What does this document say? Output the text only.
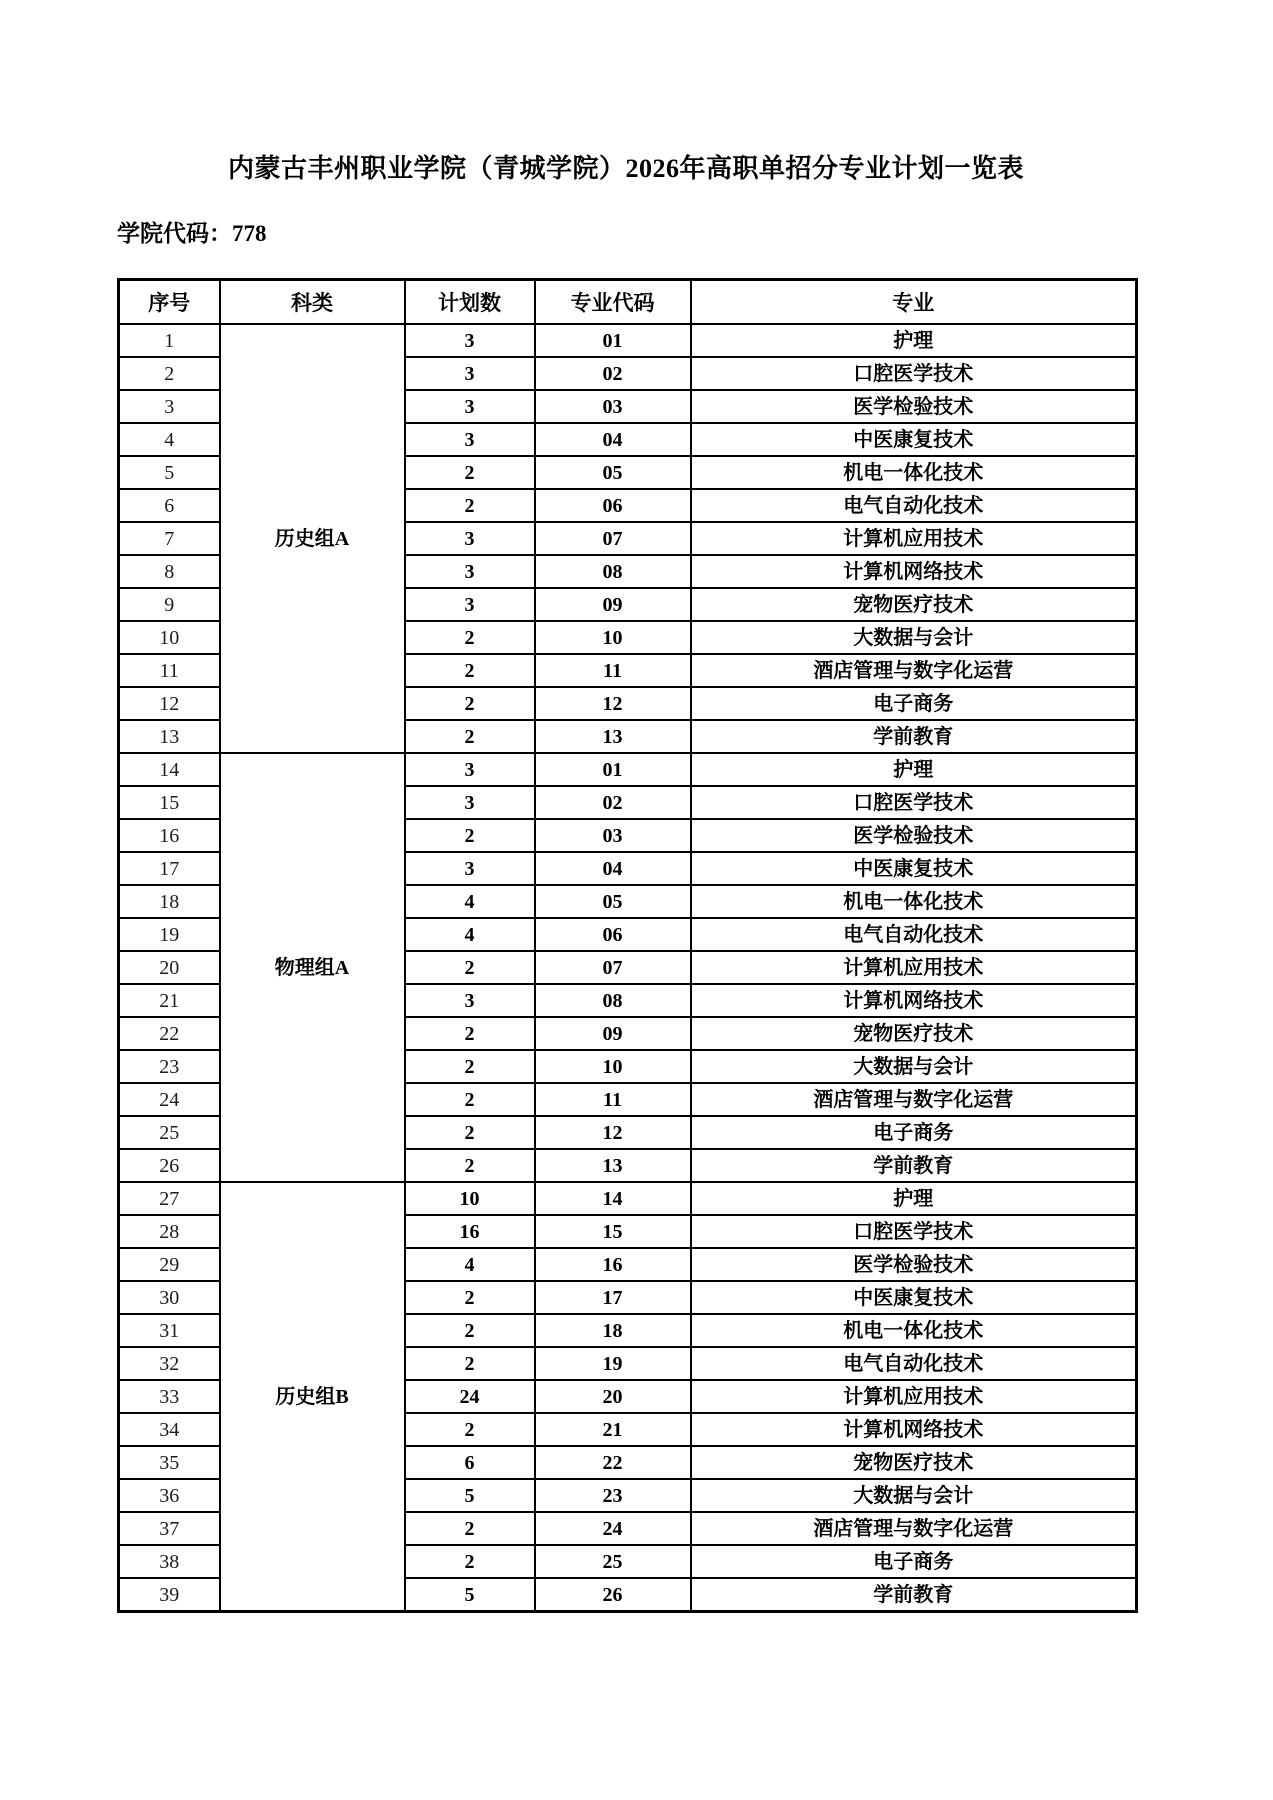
内蒙古丰州职业学院（青城学院）2026年高职单招分专业计划一览表
学院代码：778
序号	科类	计划数	专业代码	专业
1	历史组A	3	01	护理
2		3	02	口腔医学技术
3		3	03	医学检验技术
4		3	04	中医康复技术
5		2	05	机电一体化技术
6		2	06	电气自动化技术
7		3	07	计算机应用技术
8		3	08	计算机网络技术
9		3	09	宠物医疗技术
10		2	10	大数据与会计
11		2	11	酒店管理与数字化运营
12		2	12	电子商务
13		2	13	学前教育
14	物理组A	3	01	护理
15		3	02	口腔医学技术
16		2	03	医学检验技术
17		3	04	中医康复技术
18		4	05	机电一体化技术
19		4	06	电气自动化技术
20		2	07	计算机应用技术
21		3	08	计算机网络技术
22		2	09	宠物医疗技术
23		2	10	大数据与会计
24		2	11	酒店管理与数字化运营
25		2	12	电子商务
26		2	13	学前教育
27	历史组B	10	14	护理
28		16	15	口腔医学技术
29		4	16	医学检验技术
30		2	17	中医康复技术
31		2	18	机电一体化技术
32		2	19	电气自动化技术
33		24	20	计算机应用技术
34		2	21	计算机网络技术
35		6	22	宠物医疗技术
36		5	23	大数据与会计
37		2	24	酒店管理与数字化运营
38		2	25	电子商务
39		5	26	学前教育
